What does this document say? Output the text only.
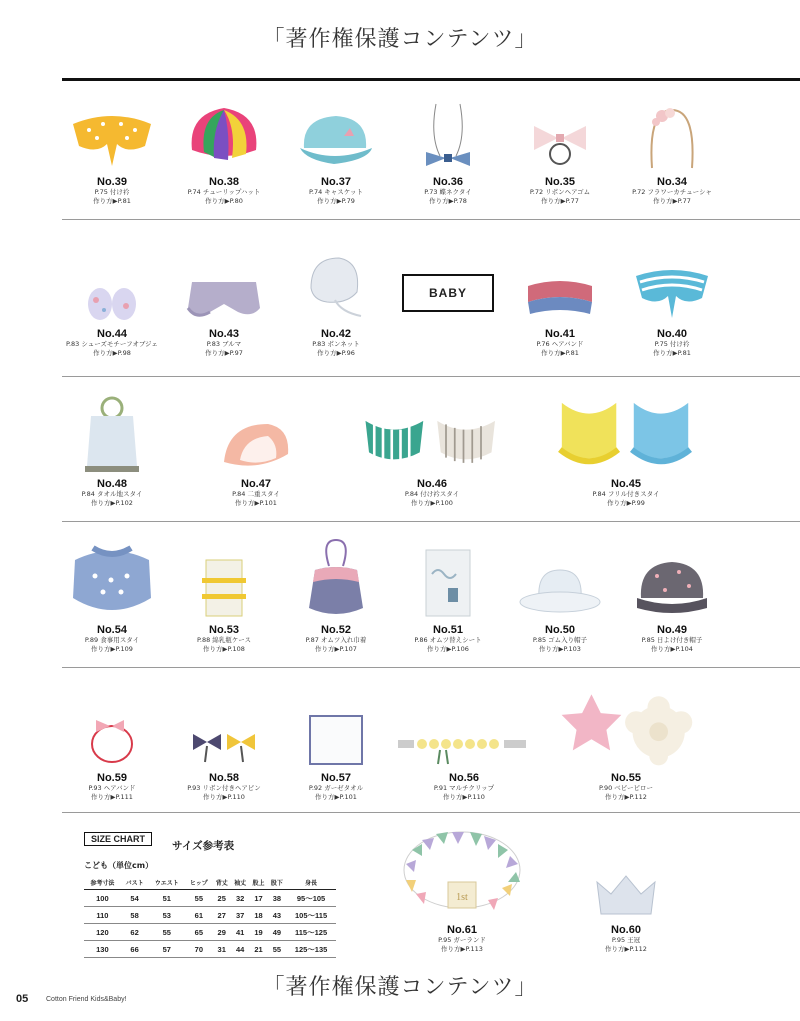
「著作権保護コンテンツ」
No.39
P.75 付け衿
作り方▶P.81
No.38
P.74 チューリップハット
作り方▶P.80
No.37
P.74 キャスケット
作り方▶P.79
No.36
P.73 蝶ネクタイ
作り方▶P.78
No.35
P.72 リボンヘアゴム
作り方▶P.77
No.34
P.72 フラワーカチューシャ
作り方▶P.77
No.44
P.83 シューズモチーフオブジェ
作り方▶P.98
No.43
P.83 ブルマ
作り方▶P.97
No.42
P.83 ボンネット
作り方▶P.96
BABY
No.41
P.76 ヘアバンド
作り方▶P.81
No.40
P.75 付け衿
作り方▶P.81
No.48
P.84 タオル地スタイ
作り方▶P.102
No.47
P.84 二重スタイ
作り方▶P.101
No.46
P.84 付け衿スタイ
作り方▶P.100
No.45
P.84 フリル付きスタイ
作り方▶P.99
No.54
P.89 食事用スタイ
作り方▶P.109
No.53
P.88 綿乳瓶ケース
作り方▶P.108
No.52
P.87 オムツ入れ巾着
作り方▶P.107
No.51
P.86 オムツ替えシート
作り方▶P.106
No.50
P.85 ゴム入り帽子
作り方▶P.103
No.49
P.85 日よけ付き帽子
作り方▶P.104
No.59
P.93 ヘアバンド
作り方▶P.111
No.58
P.93 リボン付きヘアピン
作り方▶P.110
No.57
P.92 ガーゼタオル
作り方▶P.101
No.56
P.91 マルチクリップ
作り方▶P.110
No.55
P.90 ベビーピロー
作り方▶P.112
SIZE CHART
サイズ参考表
こども（単位cm）
参考寸法	バスト	ウエスト	ヒップ	背丈	袖丈	股上	股下	身長
100	54	51	55	25	32	17	38	95～105
110	58	53	61	27	37	18	43	105～115
120	62	55	65	29	41	19	49	115～125
130	66	57	70	31	44	21	55	125～135
1st
No.61
P.95 ガーランド
作り方▶P.113
No.60
P.95 王冠
作り方▶P.112
「著作権保護コンテンツ」
05	Cotton Friend Kids&Baby!
